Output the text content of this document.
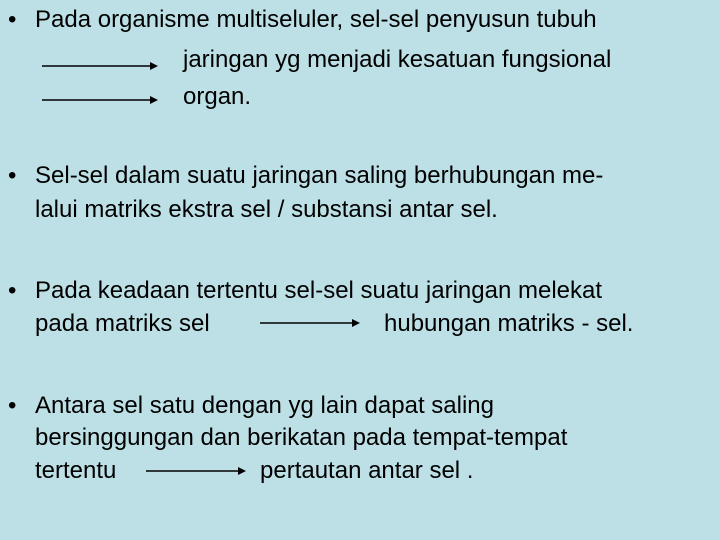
• Pada organisme multiseluler, sel-sel penyusun tubuh
jaringan yg menjadi kesatuan fungsional
organ.
• Sel-sel dalam suatu jaringan saling berhubungan me-
lalui matriks ekstra sel / substansi antar sel.
• Pada keadaan tertentu sel-sel suatu jaringan melekat
pada matriks sel	hubungan matriks - sel.
• Antara sel satu dengan yg lain dapat saling
bersinggungan dan berikatan pada tempat-tempat
tertentu	pertautan antar sel .
